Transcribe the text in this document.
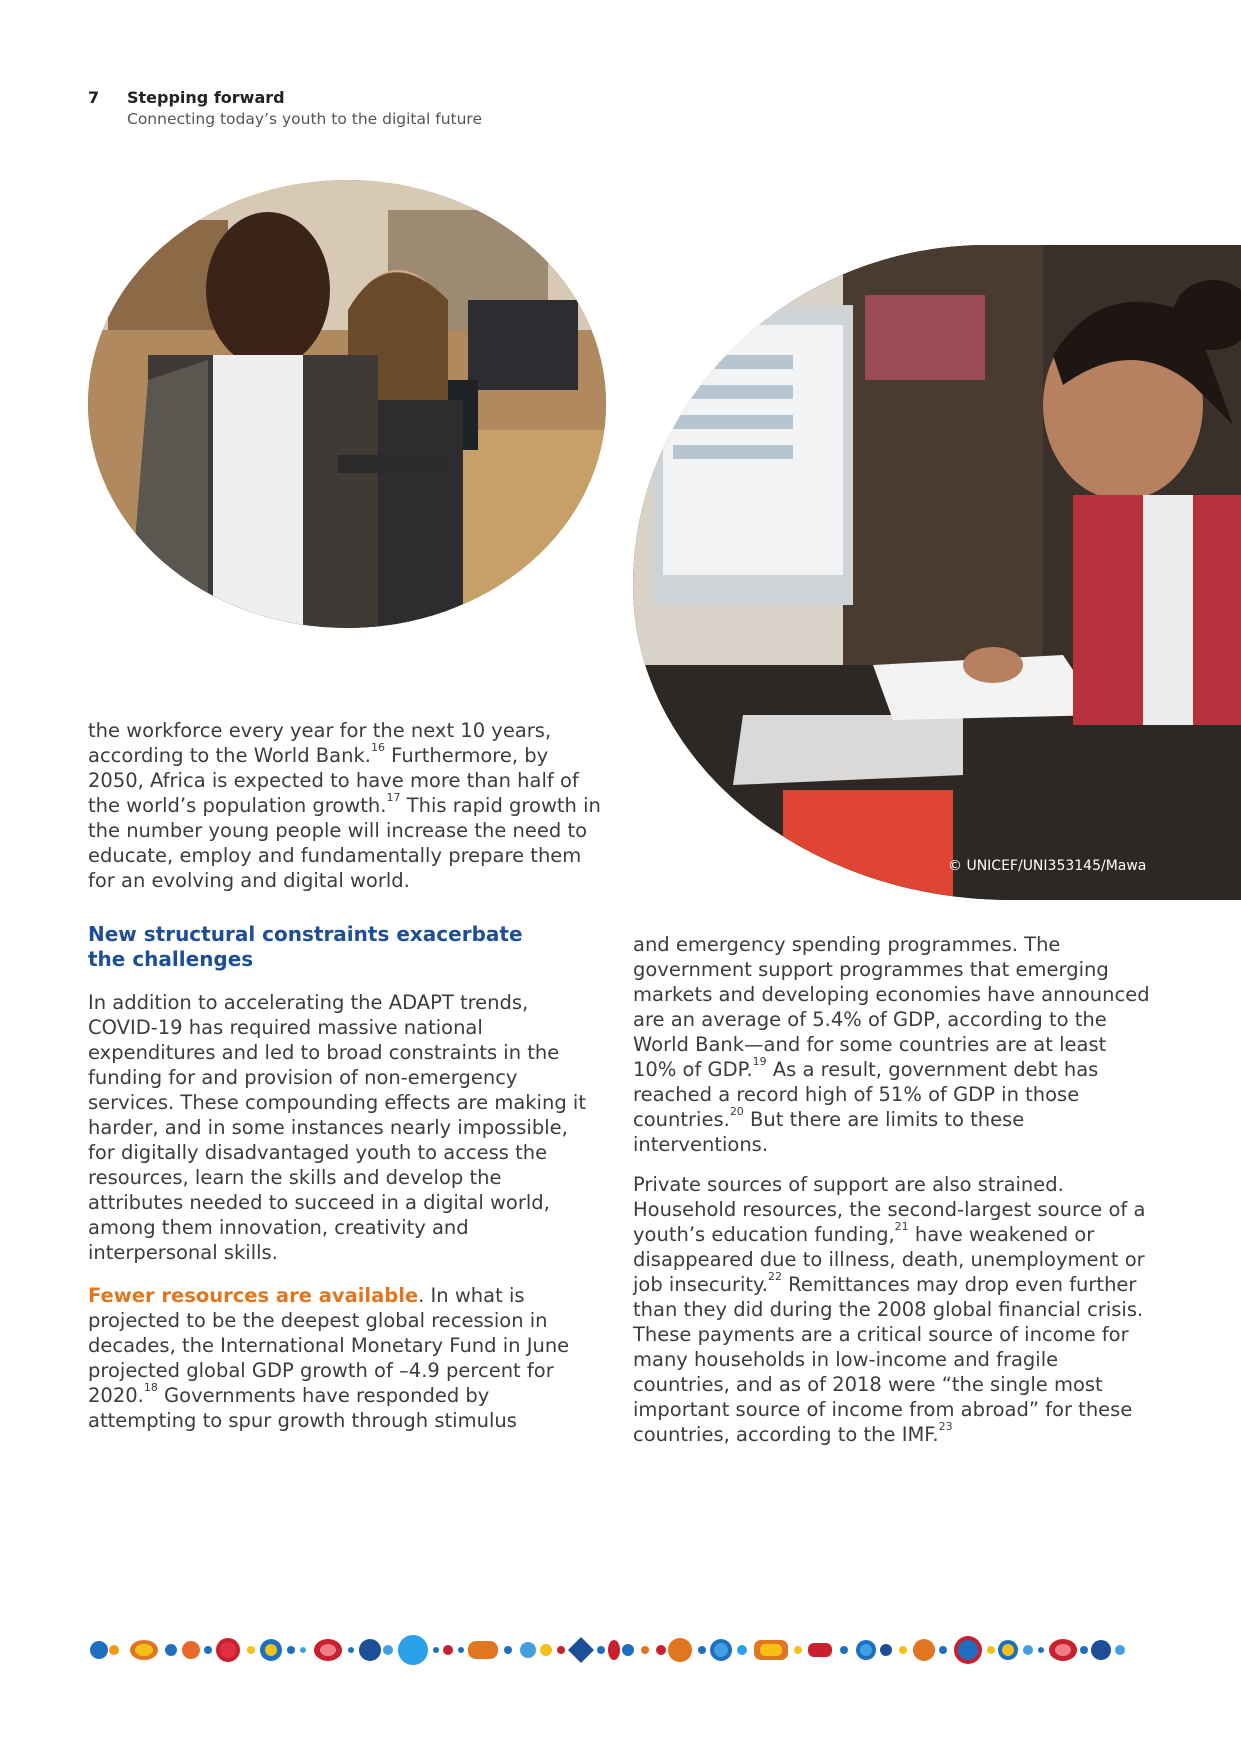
7 Stepping forward
Connecting today’s youth to the digital future
© UNICEF/UNI353145/Mawa

the workforce every year for the next 10 years, according to the World Bank.$^{16}$ Furthermore, by 2050, Africa is expected to have more than half of the world’s population growth.$^{17}$ This rapid growth in the number young people will increase the need to educate, employ and fundamentally prepare them for an evolving and digital world.

New structural constraints exacerbate the challenges

In addition to accelerating the ADAPT trends, COVID-19 has required massive national expenditures and led to broad constraints in the funding for and provision of non-emergency services. These compounding effects are making it harder, and in some instances nearly impossible, for digitally disadvantaged youth to access the resources, learn the skills and develop the attributes needed to succeed in a digital world, among them innovation, creativity and interpersonal skills.

Fewer resources are available. In what is projected to be the deepest global recession in decades, the International Monetary Fund in June projected global GDP growth of –4.9 percent for 2020.18 Governments have responded by attempting to spur growth through stimulus

and emergency spending programmes. The government support programmes that emerging markets and developing economies have announced are an average of 5.4% of GDP, according to the World Bank—and for some countries are at least 10% of GDP.$^{19}$ As a result, government debt has reached a record high of 51% of GDP in those countries.$^{20}$ But there are limits to these interventions.

Private sources of support are also strained. Household resources, the second-largest source of a youth’s education funding,$^{21}$ have weakened or disappeared due to illness, death, unemployment or job insecurity.$^{22}$ Remittances may drop even further than they did during the 2008 global financial crisis. These payments are a critical source of income for many households in low-income and fragile countries, and as of 2018 were “the single most important source of income from abroad” for these countries, according to the IMF.$^{23}$
